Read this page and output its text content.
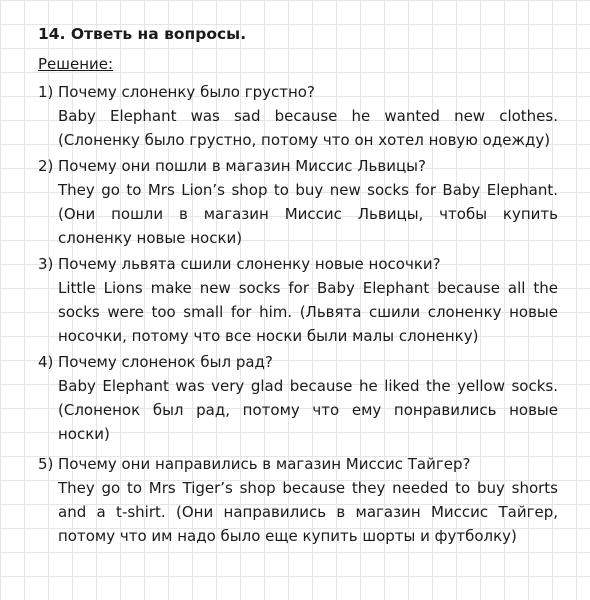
14. Ответь на вопросы.
Решение:
1) Почему слоненку было грустно?
Baby Elephant was sad because he wanted new clothes. (Слоненку было грустно, потому что он хотел новую одежду)
2) Почему они пошли в магазин Миссис Львицы?
They go to Mrs Lion’s shop to buy new socks for Baby Elephant. (Они пошли в магазин Миссис Львицы, чтобы купить слоненку новые носки)
3) Почему львята сшили слоненку новые носочки?
Little Lions make new socks for Baby Elephant because all the socks were too small for him. (Львята сшили слоненку новые носочки, потому что все носки были малы слоненку)
4) Почему слоненок был рад?
Baby Elephant was very glad because he liked the yellow socks. (Слоненок был рад, потому что ему понравились новые носки)
5) Почему они направились в магазин Миссис Тайгер?
They go to Mrs Tiger’s shop because they needed to buy shorts and a t-shirt. (Они направились в магазин Миссис Тайгер, потому что им надо было еще купить шорты и футболку)
